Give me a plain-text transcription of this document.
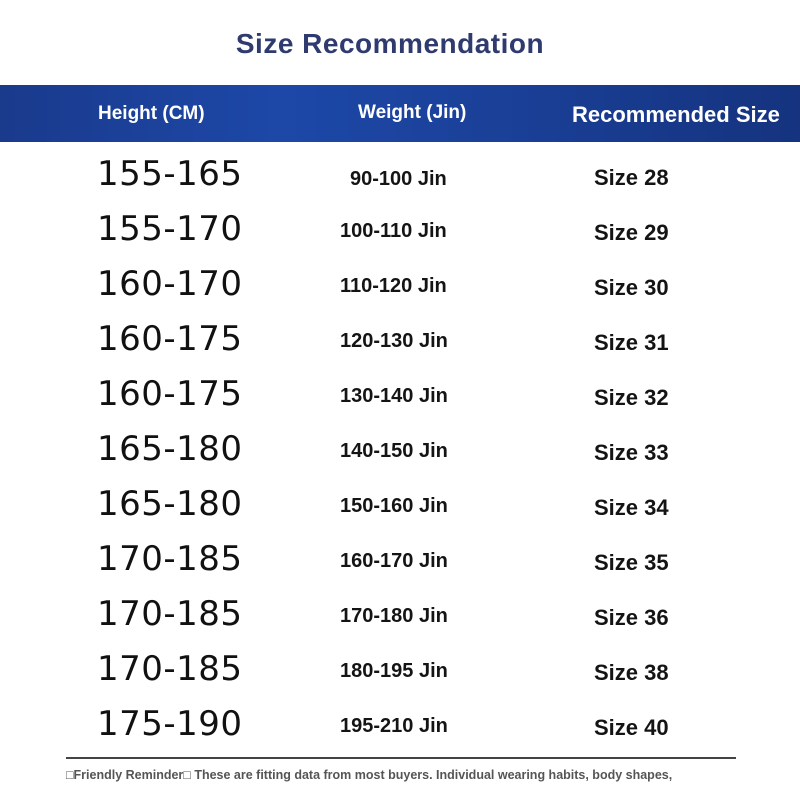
Size Recommendation
Height (CM)	Weight (Jin)	Recommended Size
155-165	90-100 Jin	Size 28
155-170	100-110 Jin	Size 29
160-170	110-120 Jin	Size 30
160-175	120-130 Jin	Size 31
160-175	130-140 Jin	Size 32
165-180	140-150 Jin	Size 33
165-180	150-160 Jin	Size 34
170-185	160-170 Jin	Size 35
170-185	170-180 Jin	Size 36
170-185	180-195 Jin	Size 38
175-190	195-210 Jin	Size 40
□Friendly Reminder□ These are fitting data from most buyers. Individual wearing habits, body shapes,
